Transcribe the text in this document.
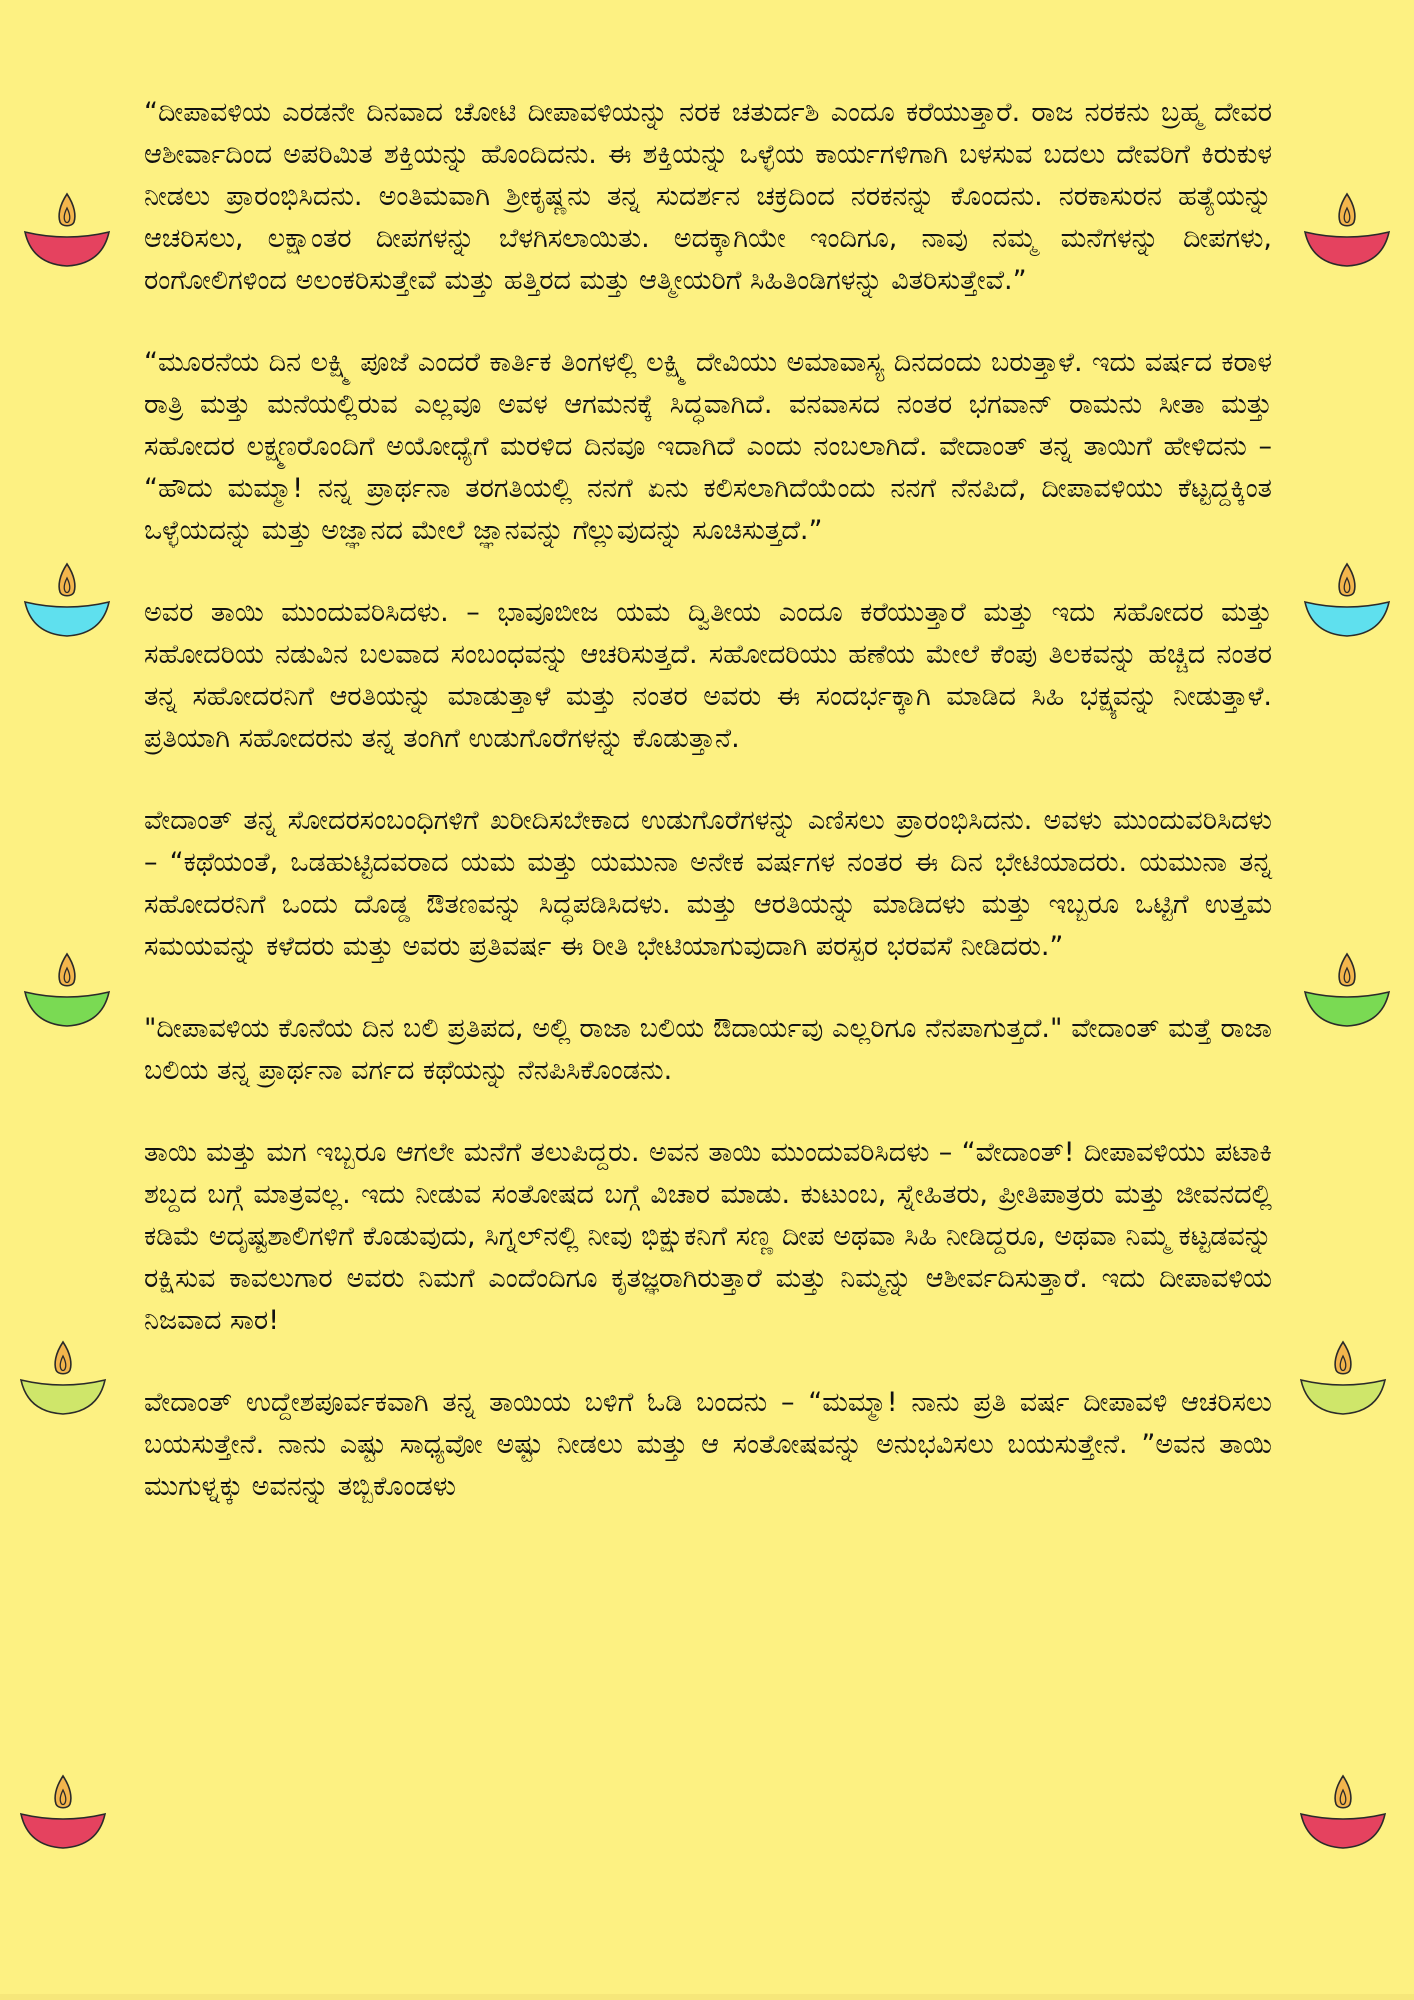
“ದೀಪಾವಳಿಯ ಎರಡನೇ ದಿನವಾದ ಚೋಟಿ ದೀಪಾವಳಿಯನ್ನು ನರಕ ಚತುರ್ದಶಿ ಎಂದೂ ಕರೆಯುತ್ತಾರೆ. ರಾಜ ನರಕನು ಬ್ರಹ್ಮ ದೇವರ ಆಶೀರ್ವಾದಿಂದ ಅಪರಿಮಿತ ಶಕ್ತಿಯನ್ನು ಹೊಂದಿದನು. ಈ ಶಕ್ತಿಯನ್ನು ಒಳ್ಳೆಯ ಕಾರ್ಯಗಳಿಗಾಗಿ ಬಳಸುವ ಬದಲು ದೇವರಿಗೆ ಕಿರುಕುಳ ನೀಡಲು ಪ್ರಾರಂಭಿಸಿದನು. ಅಂತಿಮವಾಗಿ ಶ್ರೀಕೃಷ್ಣನು ತನ್ನ ಸುದರ್ಶನ ಚಕ್ರದಿಂದ ನರಕನನ್ನು ಕೊಂದನು. ನರಕಾಸುರನ ಹತ್ಯೆಯನ್ನು ಆಚರಿಸಲು, ಲಕ್ಷಾಂತರ ದೀಪಗಳನ್ನು ಬೆಳಗಿಸಲಾಯಿತು. ಅದಕ್ಕಾಗಿಯೇ ಇಂದಿಗೂ, ನಾವು ನಮ್ಮ ಮನೆಗಳನ್ನು ದೀಪಗಳು, ರಂಗೋಲಿಗಳಿಂದ ಅಲಂಕರಿಸುತ್ತೇವೆ ಮತ್ತು ಹತ್ತಿರದ ಮತ್ತು ಆತ್ಮೀಯರಿಗೆ ಸಿಹಿತಿಂಡಿಗಳನ್ನು ವಿತರಿಸುತ್ತೇವೆ.”

“ಮೂರನೆಯ ದಿನ ಲಕ್ಷ್ಮಿ ಪೂಜೆ ಎಂದರೆ ಕಾರ್ತಿಕ ತಿಂಗಳಲ್ಲಿ ಲಕ್ಷ್ಮಿ ದೇವಿಯು ಅಮಾವಾಸ್ಯ ದಿನದಂದು ಬರುತ್ತಾಳೆ. ಇದು ವರ್ಷದ ಕರಾಳ ರಾತ್ರಿ ಮತ್ತು ಮನೆಯಲ್ಲಿರುವ ಎಲ್ಲವೂ ಅವಳ ಆಗಮನಕ್ಕೆ ಸಿದ್ಧವಾಗಿದೆ. ವನವಾಸದ ನಂತರ ಭಗವಾನ್ ರಾಮನು ಸೀತಾ ಮತ್ತು ಸಹೋದರ ಲಕ್ಷ್ಮಣರೊಂದಿಗೆ ಅಯೋಧ್ಯೆಗೆ ಮರಳಿದ ದಿನವೂ ಇದಾಗಿದೆ ಎಂದು ನಂಬಲಾಗಿದೆ. ವೇದಾಂತ್ ತನ್ನ ತಾಯಿಗೆ ಹೇಳಿದನು – “ಹೌದು ಮಮ್ಮಾ! ನನ್ನ ಪ್ರಾರ್ಥನಾ ತರಗತಿಯಲ್ಲಿ ನನಗೆ ಏನು ಕಲಿಸಲಾಗಿದೆಯೆಂದು ನನಗೆ ನೆನಪಿದೆ, ದೀಪಾವಳಿಯು ಕೆಟ್ಟದ್ದಕ್ಕಿಂತ ಒಳ್ಳೆಯದನ್ನು ಮತ್ತು ಅಜ್ಞಾನದ ಮೇಲೆ ಜ್ಞಾನವನ್ನು ಗೆಲ್ಲುವುದನ್ನು ಸೂಚಿಸುತ್ತದೆ.”

ಅವರ ತಾಯಿ ಮುಂದುವರಿಸಿದಳು. – ಭಾವೂಬೀಜ ಯಮ ದ್ವಿತೀಯ ಎಂದೂ ಕರೆಯುತ್ತಾರೆ ಮತ್ತು ಇದು ಸಹೋದರ ಮತ್ತು ಸಹೋದರಿಯ ನಡುವಿನ ಬಲವಾದ ಸಂಬಂಧವನ್ನು ಆಚರಿಸುತ್ತದೆ. ಸಹೋದರಿಯು ಹಣೆಯ ಮೇಲೆ ಕೆಂಪು ತಿಲಕವನ್ನು ಹಚ್ಚಿದ ನಂತರ ತನ್ನ ಸಹೋದರನಿಗೆ ಆರತಿಯನ್ನು ಮಾಡುತ್ತಾಳೆ ಮತ್ತು ನಂತರ ಅವರು ಈ ಸಂದರ್ಭಕ್ಕಾಗಿ ಮಾಡಿದ ಸಿಹಿ ಭಕ್ಷ್ಯವನ್ನು ನೀಡುತ್ತಾಳೆ. ಪ್ರತಿಯಾಗಿ ಸಹೋದರನು ತನ್ನ ತಂಗಿಗೆ ಉಡುಗೊರೆಗಳನ್ನು ಕೊಡುತ್ತಾನೆ.

ವೇದಾಂತ್ ತನ್ನ ಸೋದರಸಂಬಂಧಿಗಳಿಗೆ ಖರೀದಿಸಬೇಕಾದ ಉಡುಗೊರೆಗಳನ್ನು ಎಣಿಸಲು ಪ್ರಾರಂಭಿಸಿದನು. ಅವಳು ಮುಂದುವರಿಸಿದಳು – “ಕಥೆಯಂತೆ, ಒಡಹುಟ್ಟಿದವರಾದ ಯಮ ಮತ್ತು ಯಮುನಾ ಅನೇಕ ವರ್ಷಗಳ ನಂತರ ಈ ದಿನ ಭೇಟಿಯಾದರು. ಯಮುನಾ ತನ್ನ ಸಹೋದರನಿಗೆ ಒಂದು ದೊಡ್ಡ ಔತಣವನ್ನು ಸಿದ್ಧಪಡಿಸಿದಳು. ಮತ್ತು ಆರತಿಯನ್ನು ಮಾಡಿದಳು ಮತ್ತು ಇಬ್ಬರೂ ಒಟ್ಟಿಗೆ ಉತ್ತಮ ಸಮಯವನ್ನು ಕಳೆದರು ಮತ್ತು ಅವರು ಪ್ರತಿವರ್ಷ ಈ ರೀತಿ ಭೇಟಿಯಾಗುವುದಾಗಿ ಪರಸ್ಪರ ಭರವಸೆ ನೀಡಿದರು.”

"ದೀಪಾವಳಿಯ ಕೊನೆಯ ದಿನ ಬಲಿ ಪ್ರತಿಪದ, ಅಲ್ಲಿ ರಾಜಾ ಬಲಿಯ ಔದಾರ್ಯವು ಎಲ್ಲರಿಗೂ ನೆನಪಾಗುತ್ತದೆ." ವೇದಾಂತ್ ಮತ್ತೆ ರಾಜಾ ಬಲಿಯ ತನ್ನ ಪ್ರಾರ್ಥನಾ ವರ್ಗದ ಕಥೆಯನ್ನು ನೆನಪಿಸಿಕೊಂಡನು.

ತಾಯಿ ಮತ್ತು ಮಗ ಇಬ್ಬರೂ ಆಗಲೇ ಮನೆಗೆ ತಲುಪಿದ್ದರು. ಅವನ ತಾಯಿ ಮುಂದುವರಿಸಿದಳು – “ವೇದಾಂತ್! ದೀಪಾವಳಿಯು ಪಟಾಕಿ ಶಬ್ದದ ಬಗ್ಗೆ ಮಾತ್ರವಲ್ಲ. ಇದು ನೀಡುವ ಸಂತೋಷದ ಬಗ್ಗೆ ವಿಚಾರ ಮಾಡು. ಕುಟುಂಬ, ಸ್ನೇಹಿತರು, ಪ್ರೀತಿಪಾತ್ರರು ಮತ್ತು ಜೀವನದಲ್ಲಿ ಕಡಿಮೆ ಅದೃಷ್ಟಶಾಲಿಗಳಿಗೆ ಕೊಡುವುದು, ಸಿಗ್ನಲ್‌ನಲ್ಲಿ ನೀವು ಭಿಕ್ಷುಕನಿಗೆ ಸಣ್ಣ ದೀಪ ಅಥವಾ ಸಿಹಿ ನೀಡಿದ್ದರೂ, ಅಥವಾ ನಿಮ್ಮ ಕಟ್ಟಡವನ್ನು ರಕ್ಷಿಸುವ ಕಾವಲುಗಾರ ಅವರು ನಿಮಗೆ ಎಂದೆಂದಿಗೂ ಕೃತಜ್ಞರಾಗಿರುತ್ತಾರೆ ಮತ್ತು ನಿಮ್ಮನ್ನು ಆಶೀರ್ವದಿಸುತ್ತಾರೆ. ಇದು ದೀಪಾವಳಿಯ ನಿಜವಾದ ಸಾರ!

ವೇದಾಂತ್ ಉದ್ದೇಶಪೂರ್ವಕವಾಗಿ ತನ್ನ ತಾಯಿಯ ಬಳಿಗೆ ಓಡಿ ಬಂದನು – “ಮಮ್ಮಾ! ನಾನು ಪ್ರತಿ ವರ್ಷ ದೀಪಾವಳಿ ಆಚರಿಸಲು ಬಯಸುತ್ತೇನೆ. ನಾನು ಎಷ್ಟು ಸಾಧ್ಯವೋ ಅಷ್ಟು ನೀಡಲು ಮತ್ತು ಆ ಸಂತೋಷವನ್ನು ಅನುಭವಿಸಲು ಬಯಸುತ್ತೇನೆ. ”ಅವನ ತಾಯಿ ಮುಗುಳ್ನಕ್ಕು ಅವನನ್ನು ತಬ್ಬಿಕೊಂಡಳು
